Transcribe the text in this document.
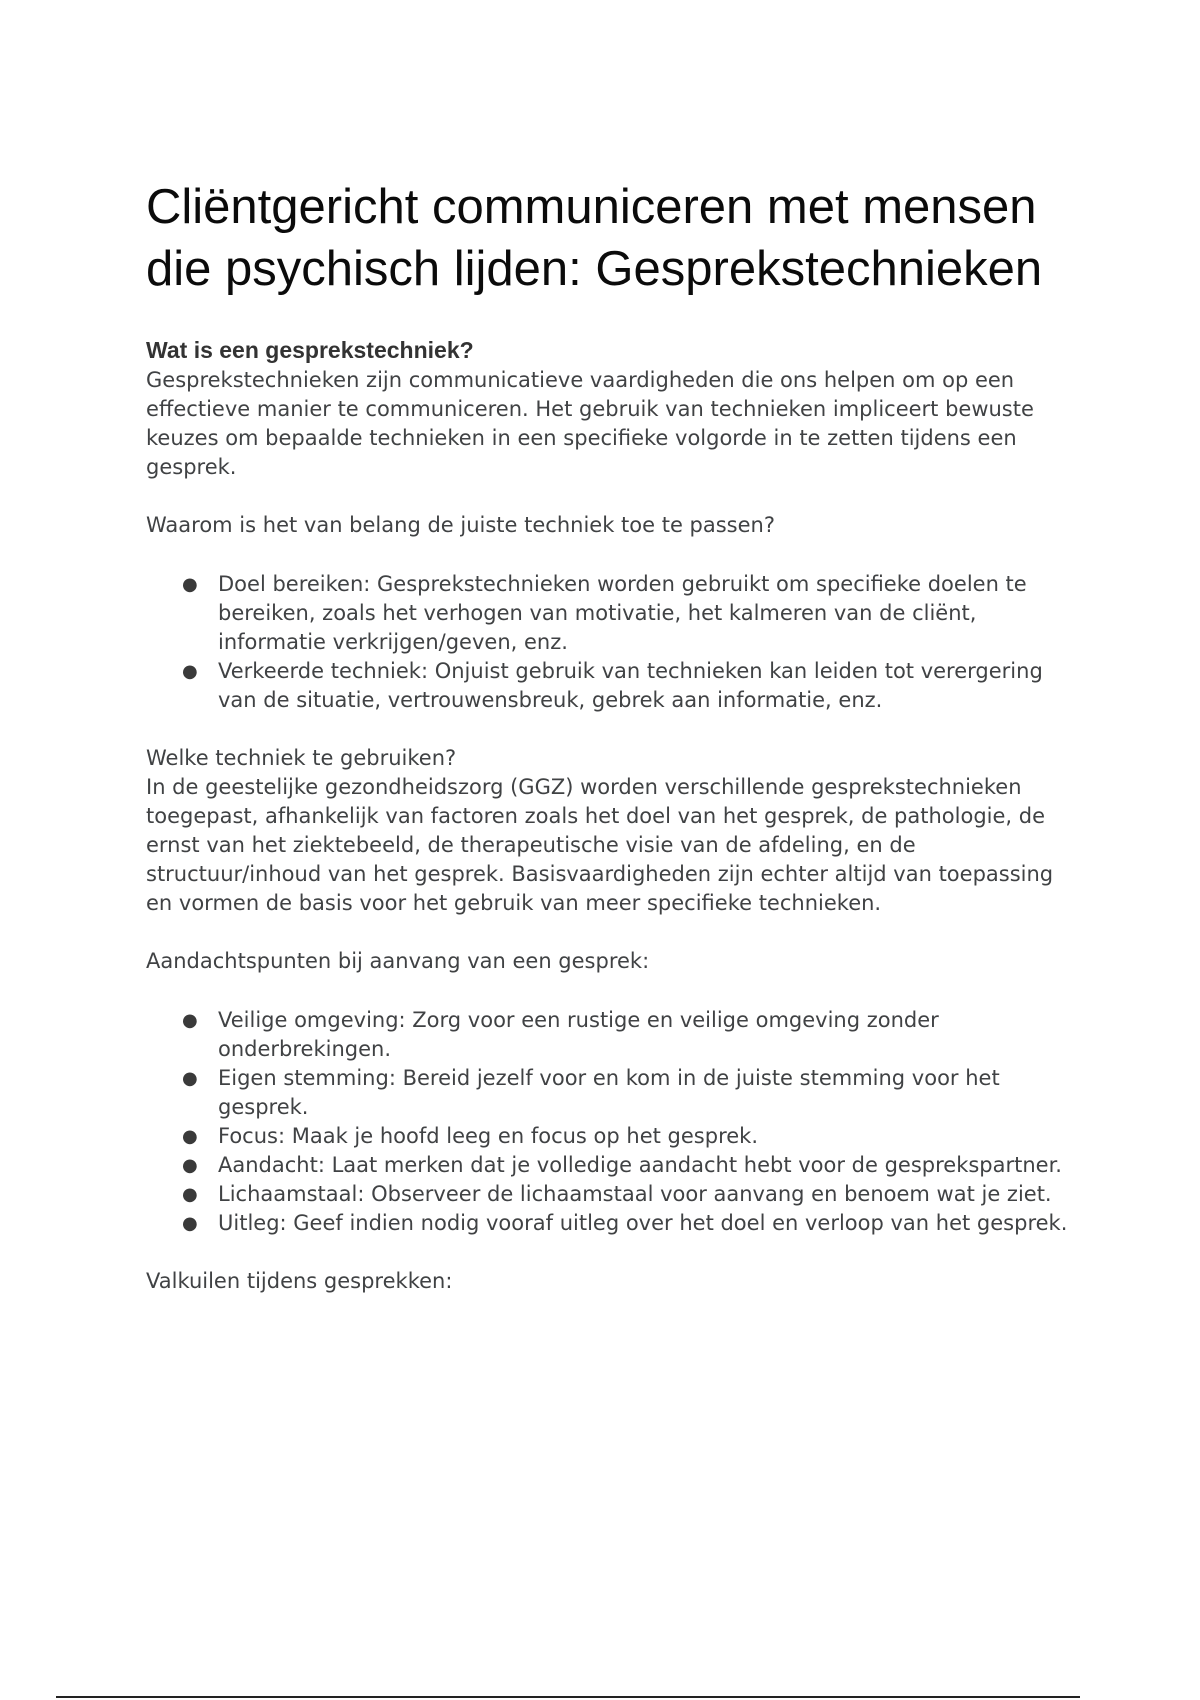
Cliëntgericht communiceren met mensen die psychisch lijden: Gesprekstechnieken
Wat is een gesprekstechniek?

Gesprekstechnieken zijn communicatieve vaardigheden die ons helpen om op een effectieve manier te communiceren. Het gebruik van technieken impliceert bewuste keuzes om bepaalde technieken in een specifieke volgorde in te zetten tijdens een gesprek.

Waarom is het van belang de juiste techniek toe te passen?

● Doel bereiken: Gesprekstechnieken worden gebruikt om specifieke doelen te bereiken, zoals het verhogen van motivatie, het kalmeren van de cliënt, informatie verkrijgen/geven, enz.
● Verkeerde techniek: Onjuist gebruik van technieken kan leiden tot verergering van de situatie, vertrouwensbreuk, gebrek aan informatie, enz.

Welke techniek te gebruiken?

In de geestelijke gezondheidszorg (GGZ) worden verschillende gesprekstechnieken toegepast, afhankelijk van factoren zoals het doel van het gesprek, de pathologie, de ernst van het ziektebeeld, de therapeutische visie van de afdeling, en de structuur/inhoud van het gesprek. Basisvaardigheden zijn echter altijd van toepassing en vormen de basis voor het gebruik van meer specifieke technieken.

Aandachtspunten bij aanvang van een gesprek:

● Veilige omgeving: Zorg voor een rustige en veilige omgeving zonder onderbrekingen.
● Eigen stemming: Bereid jezelf voor en kom in de juiste stemming voor het gesprek.
● Focus: Maak je hoofd leeg en focus op het gesprek.
● Aandacht: Laat merken dat je volledige aandacht hebt voor de gesprekspartner.
● Lichaamstaal: Observeer de lichaamstaal voor aanvang en benoem wat je ziet.
● Uitleg: Geef indien nodig vooraf uitleg over het doel en verloop van het gesprek.

Valkuilen tijdens gesprekken:
